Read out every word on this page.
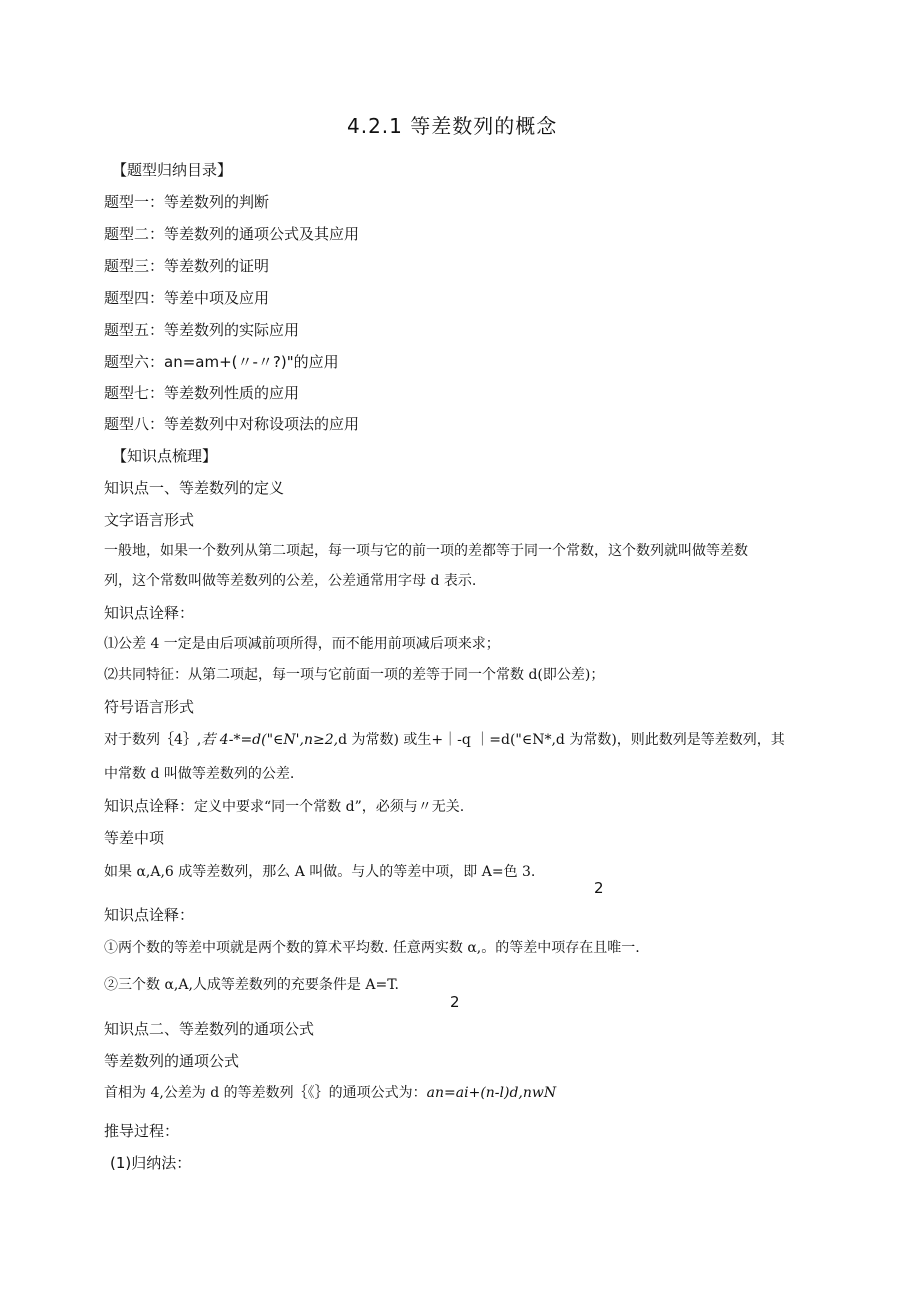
4.2.1 等差数列的概念
【题型归纳目录】
题型一：等差数列的判断
题型二：等差数列的通项公式及其应用
题型三：等差数列的证明
题型四：等差中项及应用
题型五：等差数列的实际应用
题型六：an=am+(〃-〃?)"的应用
题型七：等差数列性质的应用
题型八：等差数列中对称设项法的应用
【知识点梳理】
知识点一、等差数列的定义
文字语言形式
一般地，如果一个数列从第二项起，每一项与它的前一项的差都等于同一个常数，这个数列就叫做等差数
列，这个常数叫做等差数列的公差，公差通常用字母 d 表示.
知识点诠释：
⑴公差 4 一定是由后项减前项所得，而不能用前项减后项来求；
⑵共同特征：从第二项起，每一项与它前面一项的差等于同一个常数 d(即公差)；
符号语言形式
对于数列｛4｝,若 4-*=d("∈N',n≥2,d 为常数) 或生+｜-q ｜=d("∈N*,d 为常数)，则此数列是等差数列，其
中常数 d 叫做等差数列的公差.
知识点诠释：定义中要求“同一个常数 d”，必须与〃无关.
等差中项
如果 α,A,6 成等差数列，那么 A 叫做。与人的等差中项，即 A=色 3.
2
知识点诠释：
①两个数的等差中项就是两个数的算术平均数. 任意两实数 α,。的等差中项存在且唯一.
②三个数 α,A,人成等差数列的充要条件是 A=T.
2
知识点二、等差数列的通项公式
等差数列的通项公式
首相为 4,公差为 d 的等差数列｛《｝的通项公式为：an=ai+(n-l)d,nwN
推导过程：
(1)归纳法：
